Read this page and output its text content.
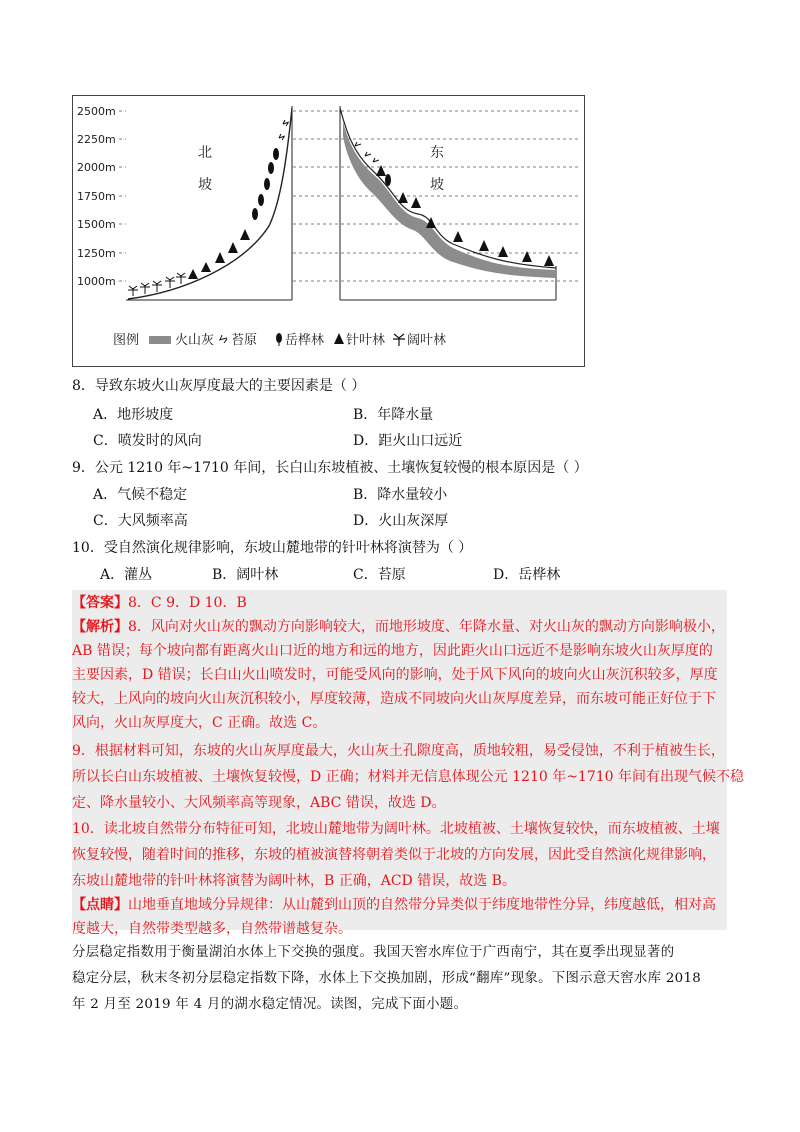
2500m
2250m
2000m
1750m
1500m
1250m
1000m
北
坡
东
坡
图例	火山灰 苔原 岳桦林 针叶林 阔叶林
8．导致东坡火山灰厚度最大的主要因素是（ ）
A．地形坡度	B．年降水量
C．喷发时的风向	D．距火山口远近
9．公元 1210 年~1710 年间，长白山东坡植被、土壤恢复较慢的根本原因是（ ）
A．气候不稳定	B．降水量较小
C．大风频率高	D．火山灰深厚
10．受自然演化规律影响，东坡山麓地带的针叶林将演替为（ ）
A．灌丛	B．阔叶林	C．苔原	D．岳桦林
【答案】8．C 9．D 10．B
【解析】8．风向对火山灰的飘动方向影响较大，而地形坡度、年降水量、对火山灰的飘动方向影响极小，
AB 错误；每个坡向都有距离火山口近的地方和远的地方，因此距火山口远近不是影响东坡火山灰厚度的
主要因素，D 错误；长白山火山喷发时，可能受风向的影响，处于风下风向的坡向火山灰沉积较多，厚度
较大，上风向的坡向火山灰沉积较小，厚度较薄，造成不同坡向火山灰厚度差异，而东坡可能正好位于下
风向，火山灰厚度大，C 正确。故选 C。
9．根据材料可知，东坡的火山灰厚度最大，火山灰土孔隙度高，质地较粗，易受侵蚀，不利于植被生长，
所以长白山东坡植被、土壤恢复较慢，D 正确；材料并无信息体现公元 1210 年~1710 年间有出现气候不稳
定、降水量较小、大风频率高等现象，ABC 错误，故选 D。
10．读北坡自然带分布特征可知，北坡山麓地带为阔叶林。北坡植被、土壤恢复较快，而东坡植被、土壤
恢复较慢，随着时间的推移，东坡的植被演替将朝着类似于北坡的方向发展，因此受自然演化规律影响，
东坡山麓地带的针叶林将演替为阔叶林，B 正确，ACD 错误，故选 B。
【点睛】山地垂直地域分异规律：从山麓到山顶的自然带分异类似于纬度地带性分异，纬度越低，相对高
度越大，自然带类型越多，自然带谱越复杂。
分层稳定指数用于衡量湖泊水体上下交换的强度。我国天窖水库位于广西南宁，其在夏季出现显著的
稳定分层，秋末冬初分层稳定指数下降，水体上下交换加剧，形成“翻库”现象。下图示意天窖水库 2018
年 2 月至 2019 年 4 月的湖水稳定情况。读图，完成下面小题。
